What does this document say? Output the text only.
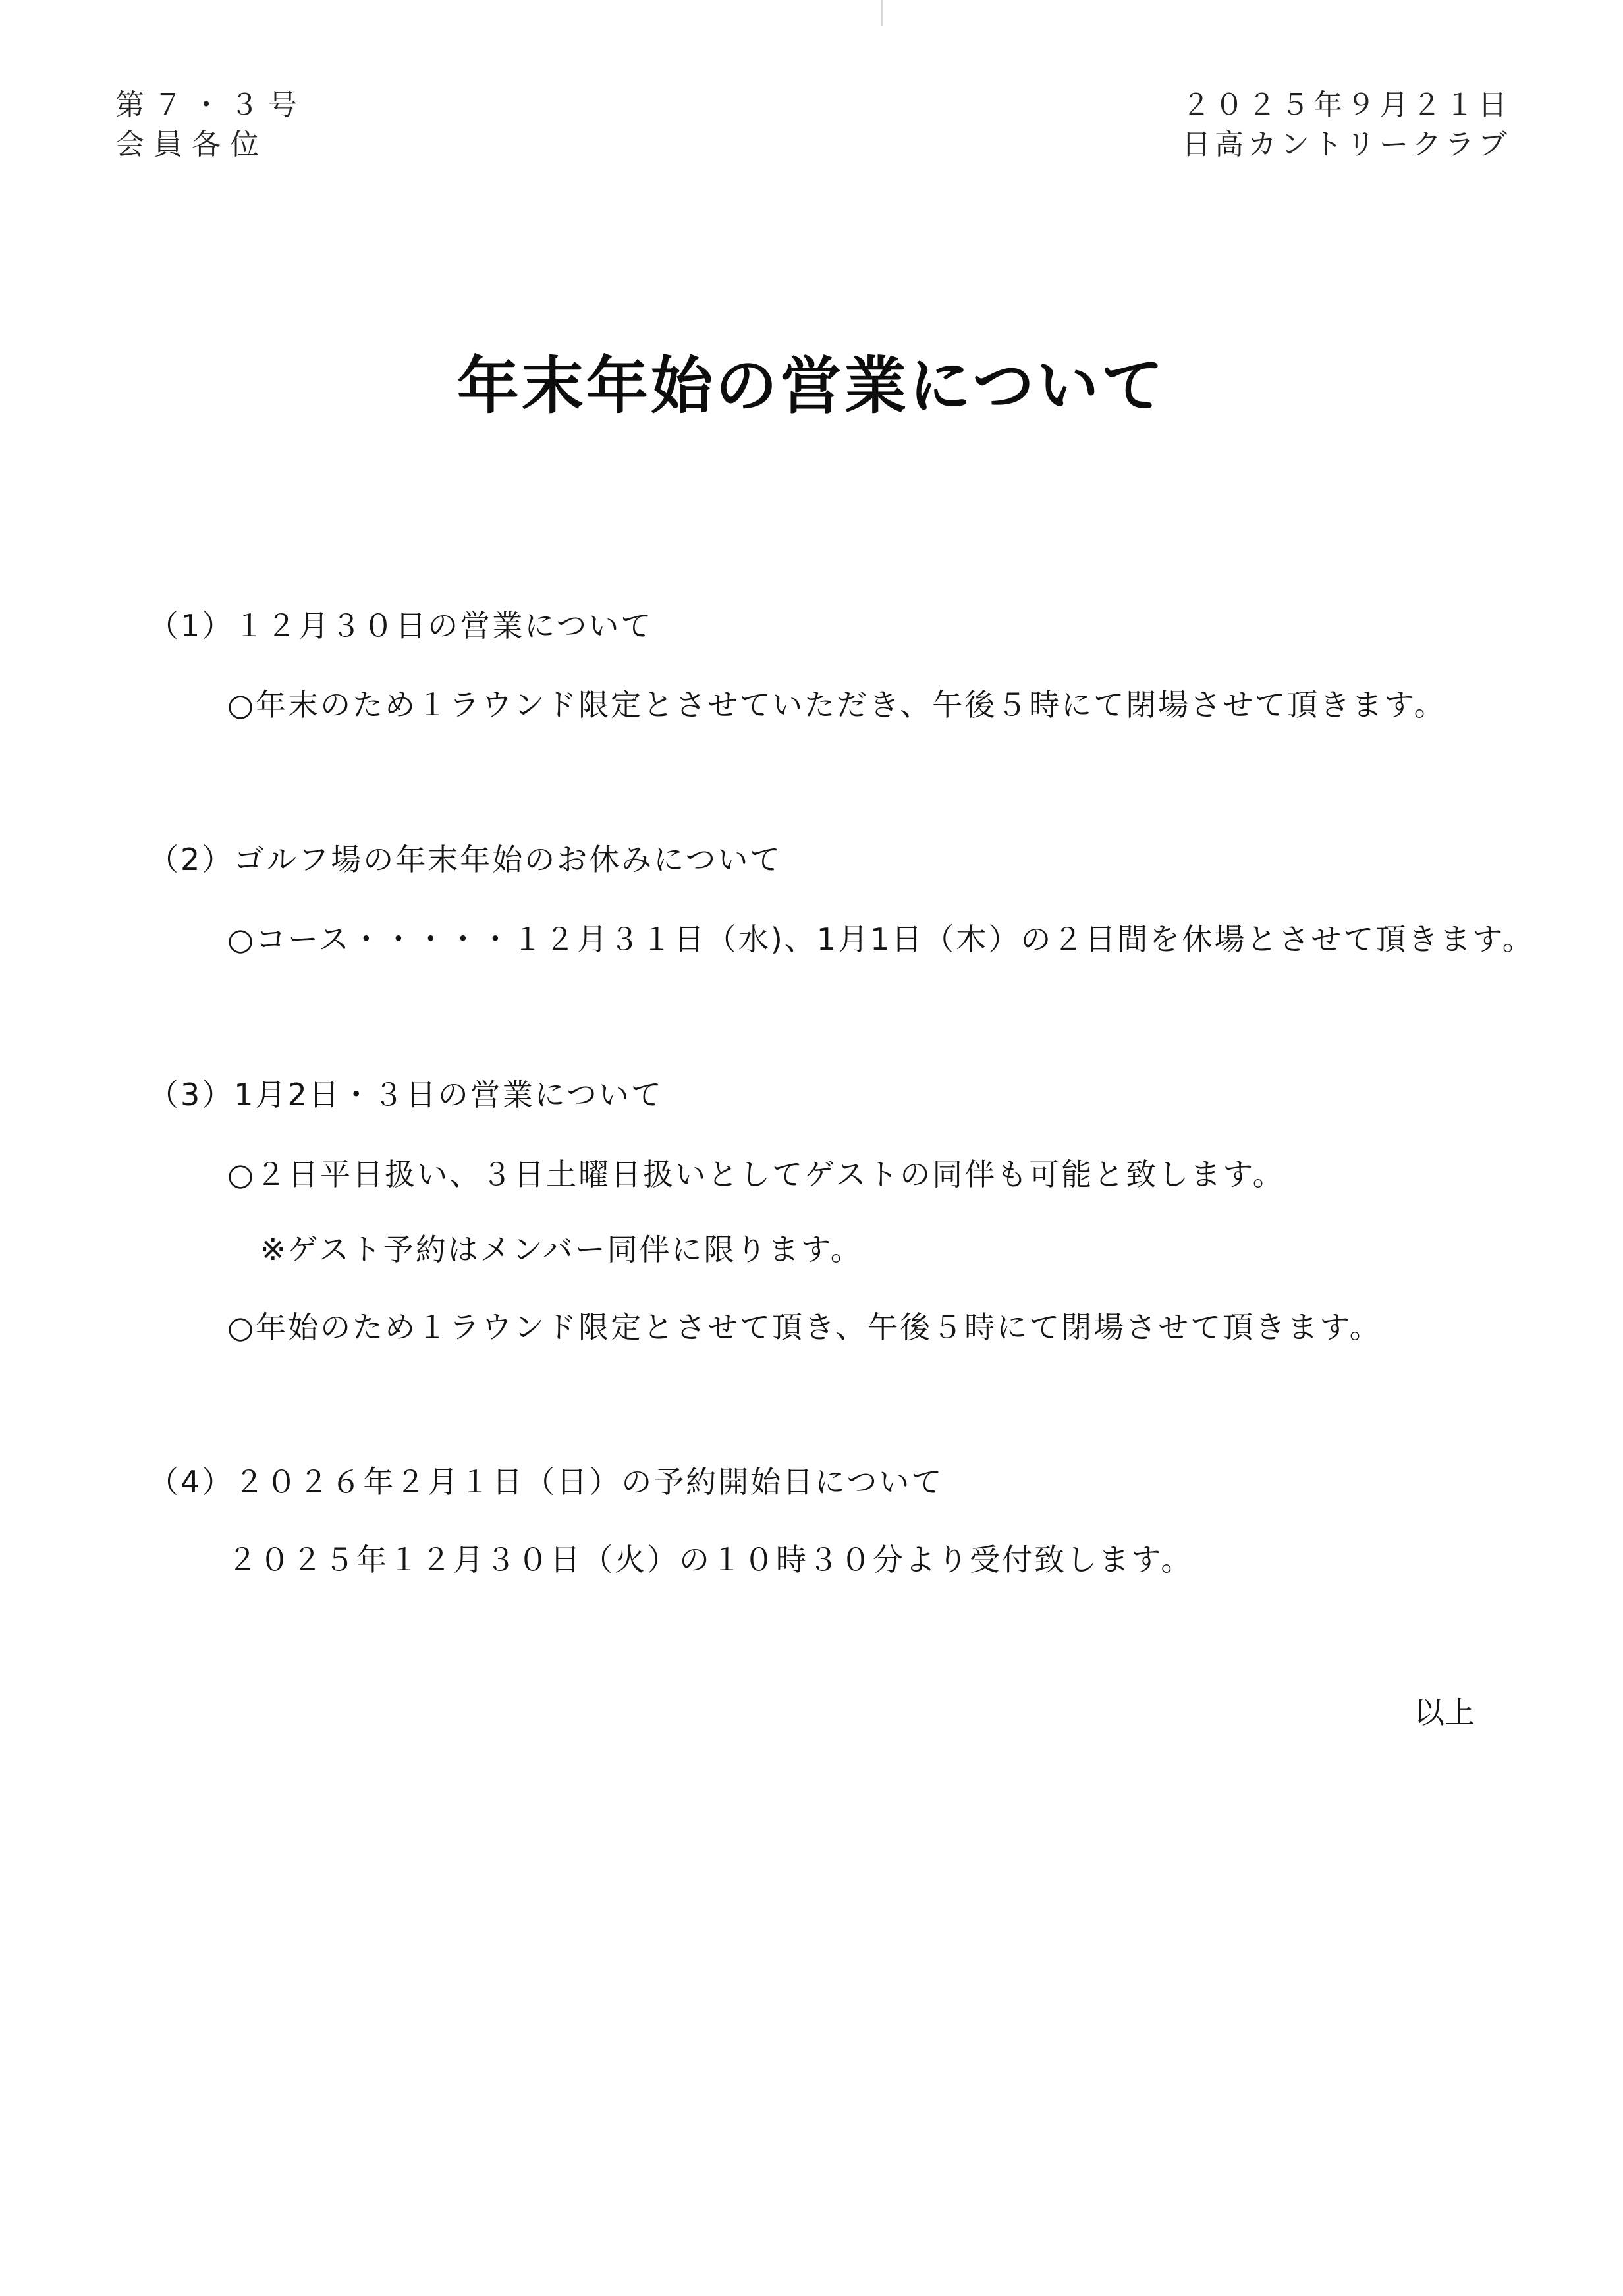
第７・３号
会員各位
２０２５年９月２１日
日高カントリークラブ
年末年始の営業について
（1）１２月３０日の営業について
○年末のため１ラウンド限定とさせていただき、午後５時にて閉場させて頂きます。
（2）ゴルフ場の年末年始のお休みについて
○コース・・・・・１２月３１日（水)、1月1日（木）の２日間を休場とさせて頂きます。
（3）1月2日・３日の営業について
○２日平日扱い、３日土曜日扱いとしてゲストの同伴も可能と致します。
※ゲスト予約はメンバー同伴に限ります。
○年始のため１ラウンド限定とさせて頂き、午後５時にて閉場させて頂きます。
（4）２０２６年２月１日（日）の予約開始日について
２０２５年１２月３０日（火）の１０時３０分より受付致します。
以上
